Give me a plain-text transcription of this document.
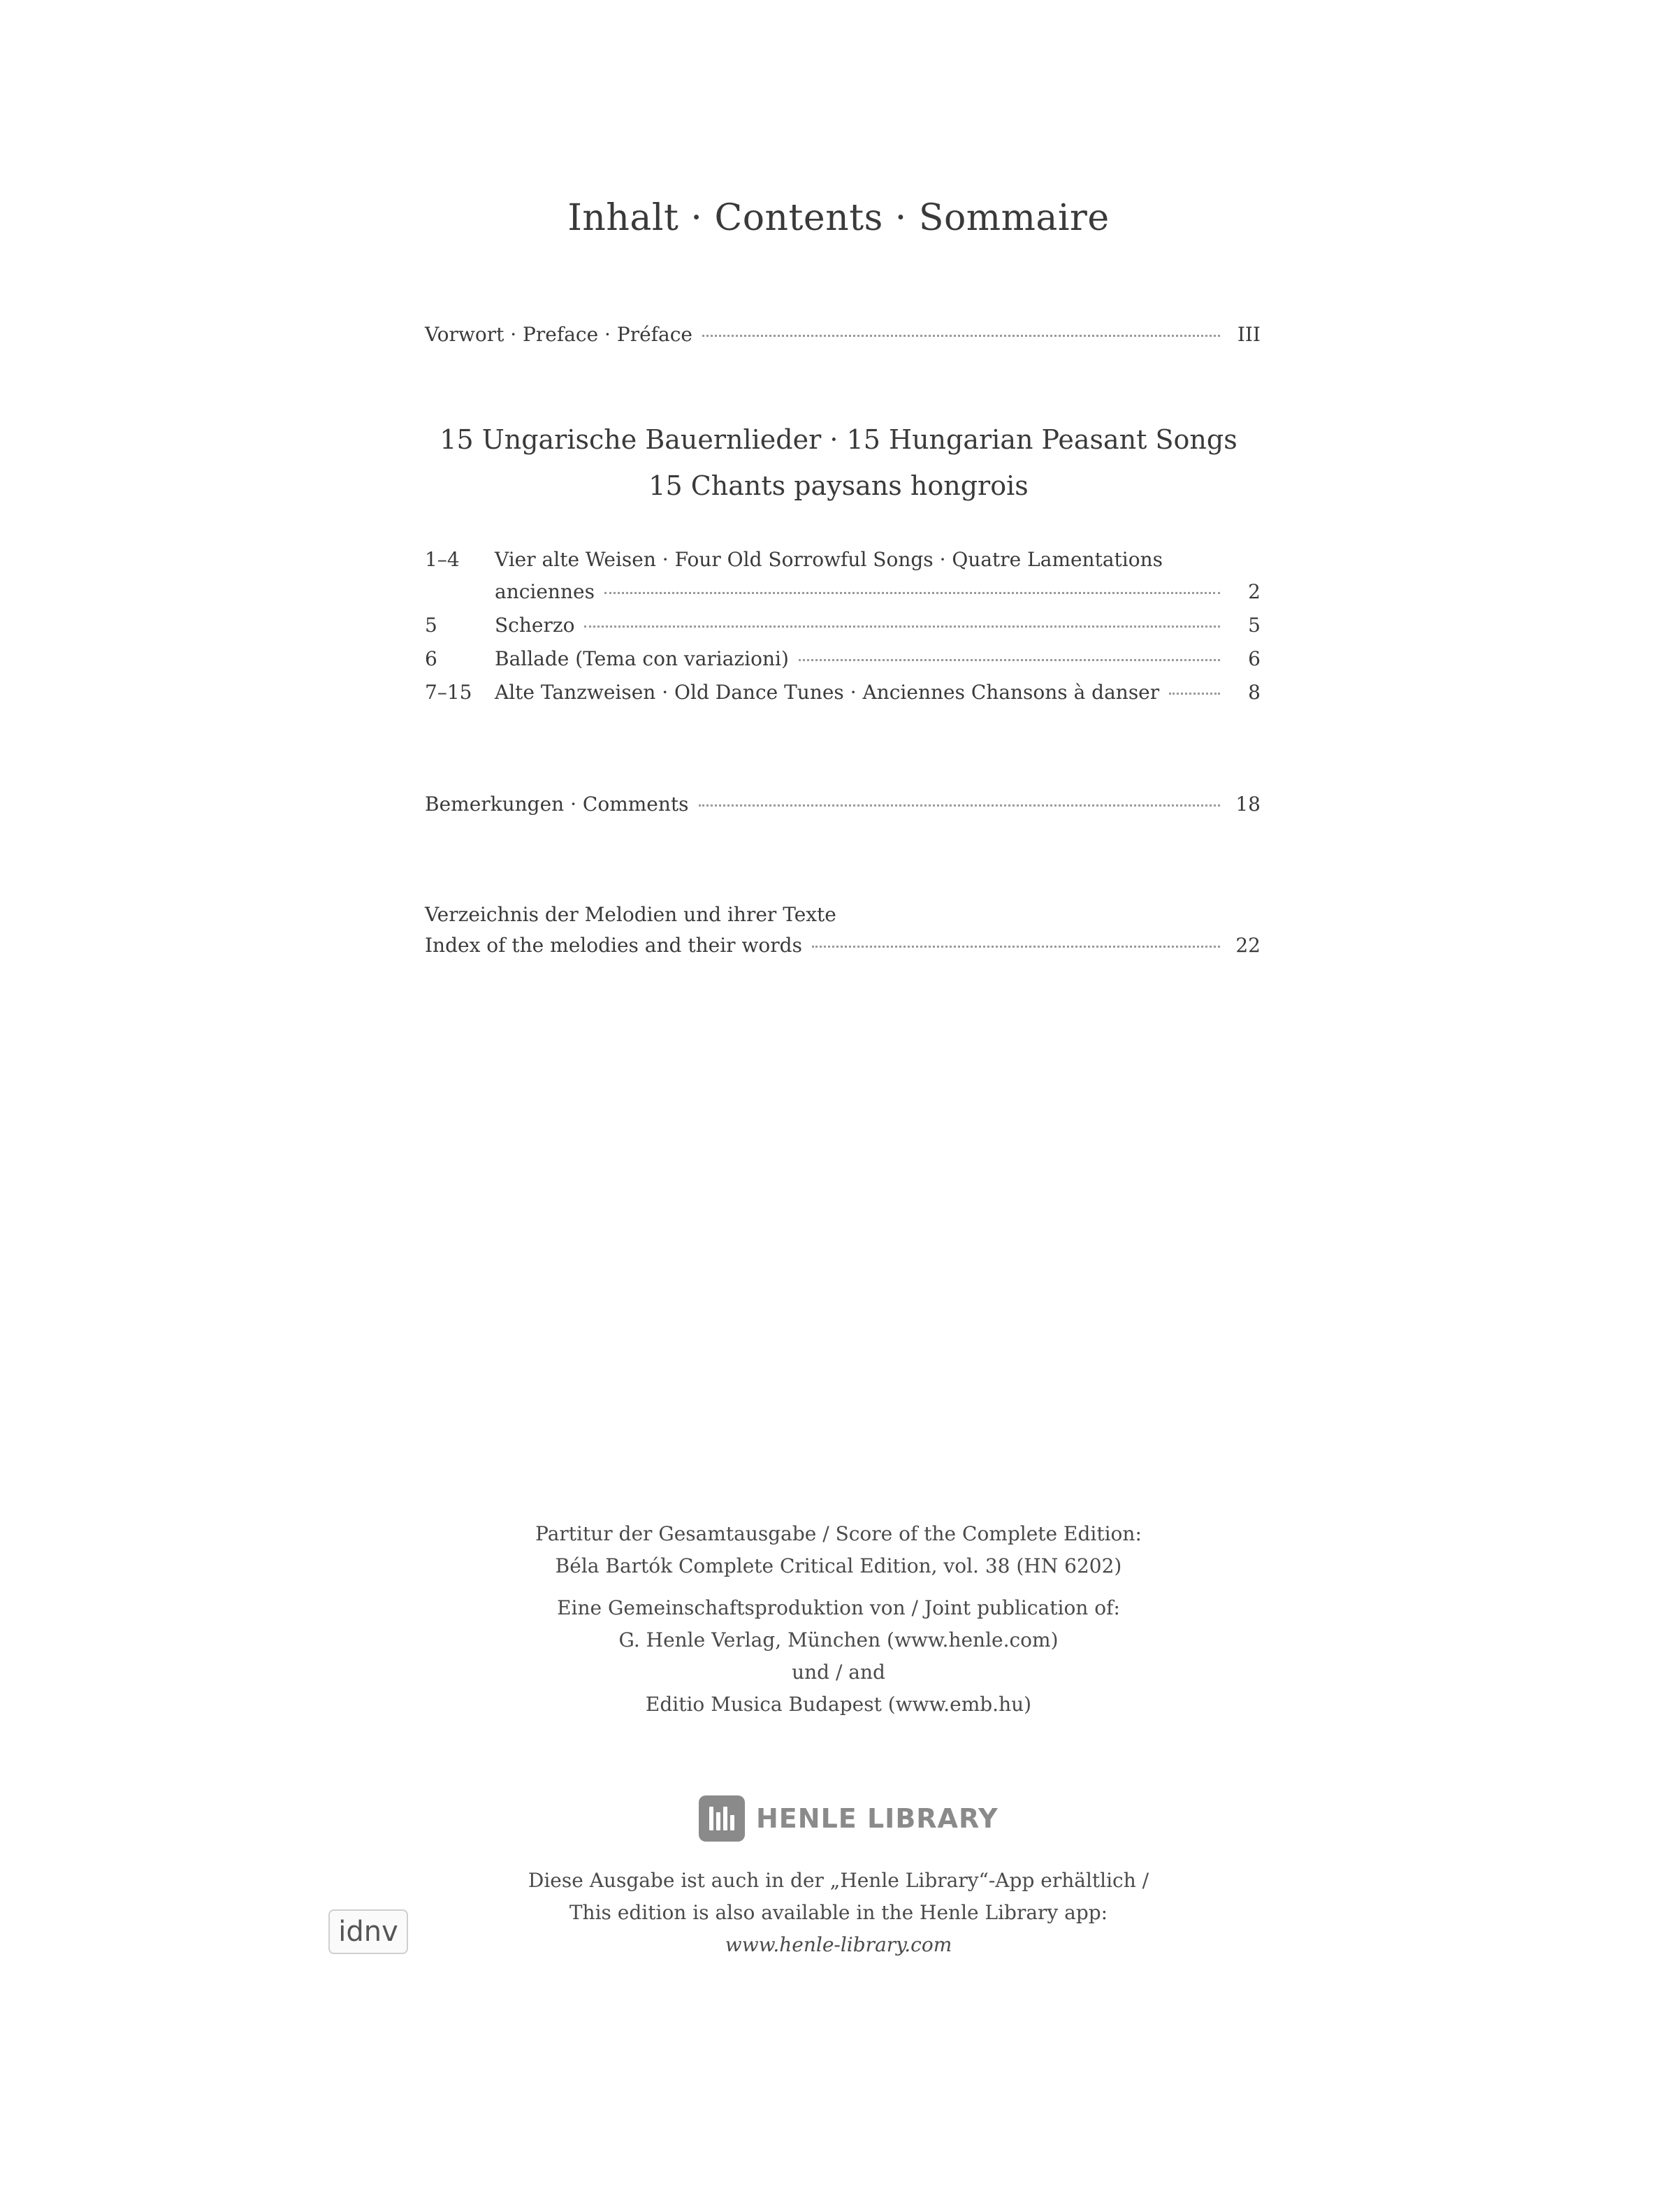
Inhalt · Contents · Sommaire
Vorwort · Preface · Préface	III
15 Ungarische Bauernlieder · 15 Hungarian Peasant Songs
15 Chants paysans hongrois
1–4 Vier alte Weisen · Four Old Sorrowful Songs · Quatre Lamentations
anciennes	2
5	Scherzo	5
6	Ballade (Tema con variazioni)	6
7–15 Alte Tanzweisen · Old Dance Tunes · Anciennes Chansons à danser	8
Bemerkungen · Comments	18
Verzeichnis der Melodien und ihrer Texte
Index of the melodies and their words	22
Partitur der Gesamtausgabe / Score of the Complete Edition:
Béla Bartók Complete Critical Edition, vol. 38 (HN 6202)
Eine Gemeinschaftsproduktion von / Joint publication of:
G. Henle Verlag, München (www.henle.com)
und / and
Editio Musica Budapest (www.emb.hu)
HENLE LIBRARY
Diese Ausgabe ist auch in der „Henle Library“-App erhältlich /
This edition is also available in the Henle Library app:
www.henle-library.com
idnv
